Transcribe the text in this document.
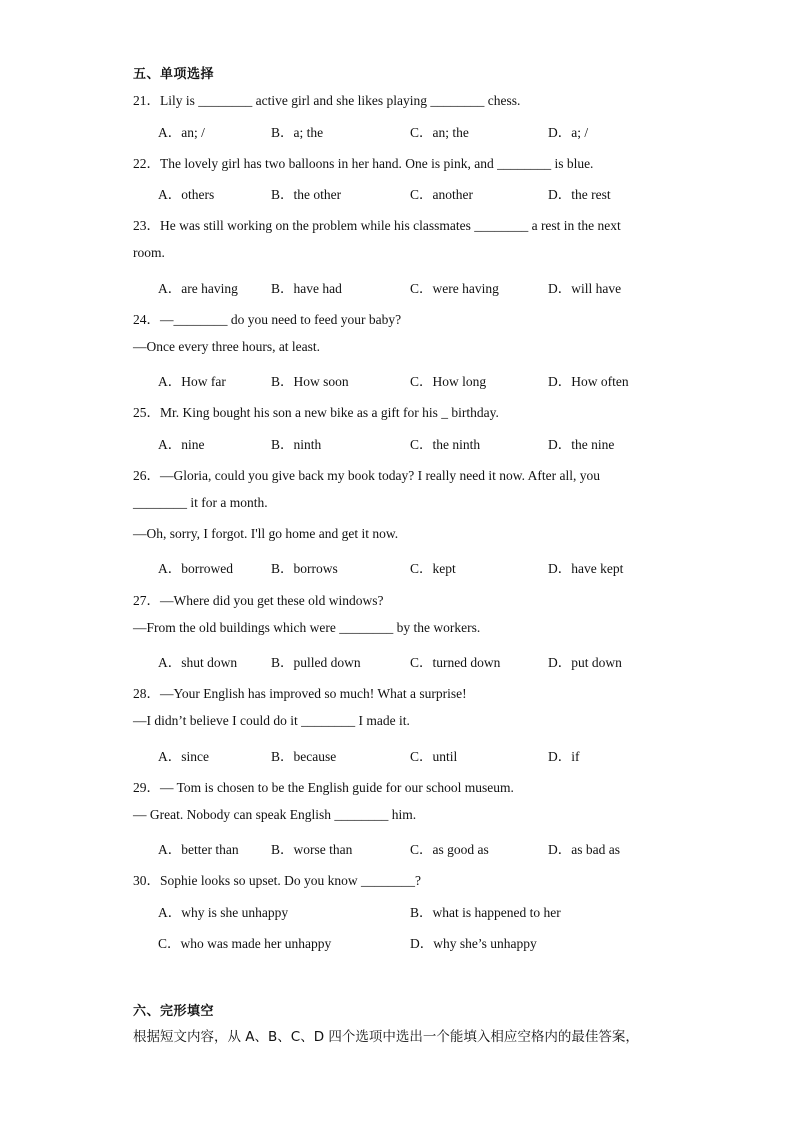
五、单项选择
21．Lily is ________ active girl and she likes playing ________ chess.
A．an; /	B．a; the	C．an; the	D．a; /
22．The lovely girl has two balloons in her hand. One is pink, and ________ is blue.
A．others	B．the other	C．another	D．the rest
23．He was still working on the problem while his classmates ________ a rest in the next
room.
A．are having B．have had	C．were having	D．will have
24．—________ do you need to feed your baby?
—Once every three hours, at least.
A．How far	B．How soon	C．How long	D．How often
25．Mr. King bought his son a new bike as a gift for his _ birthday.
A．nine	B．ninth	C．the ninth	D．the nine
26．—Gloria, could you give back my book today? I really need it now. After all, you
________ it for a month.
—Oh, sorry, I forgot. I'll go home and get it now.
A．borrowed	B．borrows	C．kept	D．have kept
27．—Where did you get these old windows?
—From the old buildings which were ________ by the workers.
A．shut down	B．pulled down	C．turned down	D．put down
28．—Your English has improved so much! What a surprise!
—I didn’t believe I could do it ________ I made it.
A．since	B．because	C．until	D．if
29．— Tom is chosen to be the English guide for our school museum.
— Great. Nobody can speak English ________ him.
A．better than B．worse than	C．as good as	D．as bad as
30．Sophie looks so upset. Do you know ________?
A．why is she unhappy	B．what is happened to her
C．who was made her unhappy	D．why she’s unhappy
六、完形填空
根据短文内容，从 A、B、C、D 四个选项中选出一个能填入相应空格内的最佳答案，
